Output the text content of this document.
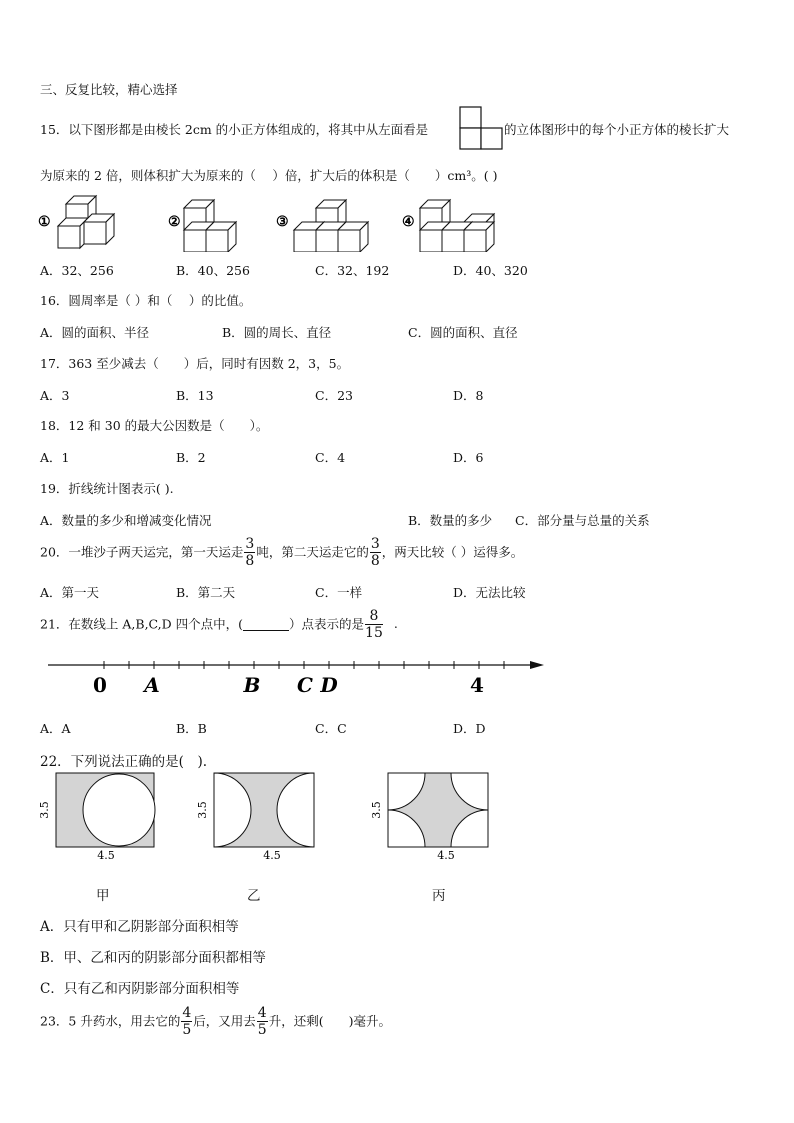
三、反复比较，精心选择
15．以下图形都是由棱长 2cm 的小正方体组成的，将其中从左面看是	的立体图形中的每个小正方体的棱长扩大
为原来的 2 倍，则体积扩大为原来的（　 ）倍，扩大后的体积是（　　）cm³。( )
①	②	③	④
A．32、256	B．40、256	C．32、192	D．40、320
16．圆周率是（ ）和（　 ）的比值。
A．圆的面积、半径	B．圆的周长、直径	C．圆的面积、直径
17．363 至少减去（　　）后，同时有因数 2，3，5。
A．3	B．13	C．23	D．8
18．12 和 30 的最大公因数是（　　）。
A．1	B．2	C．4	D．6
19．折线统计图表示( ).
A．数量的多少和增减变化情况	B．数量的多少 C．部分量与总量的关系
20．一堆沙子两天运完，第一天运走 $\frac{3}{8}$ 吨，第二天运走它的 $\frac{3}{8}$ ，两天比较（ ）运得多。
A．第一天	B．第二天	C．一样	D．无法比较
21．在数线上 A,B,C,D 四个点中，(	）点表示的是 $\frac{8}{15}$ .
0 A	B C D	4
A．A	B．B	C．C	D．D
22．下列说法正确的是(　).
3.5
4.5
3.5
4.5
3.5
4.5
甲	乙	丙
A．只有甲和乙阴影部分面积相等
B．甲、乙和丙的阴影部分面积都相等
C．只有乙和丙阴影部分面积相等
23．5 升药水，用去它的 $\frac{4}{5}$ 后，又用去 $\frac{4}{5}$ 升，还剩(　　)毫升。
